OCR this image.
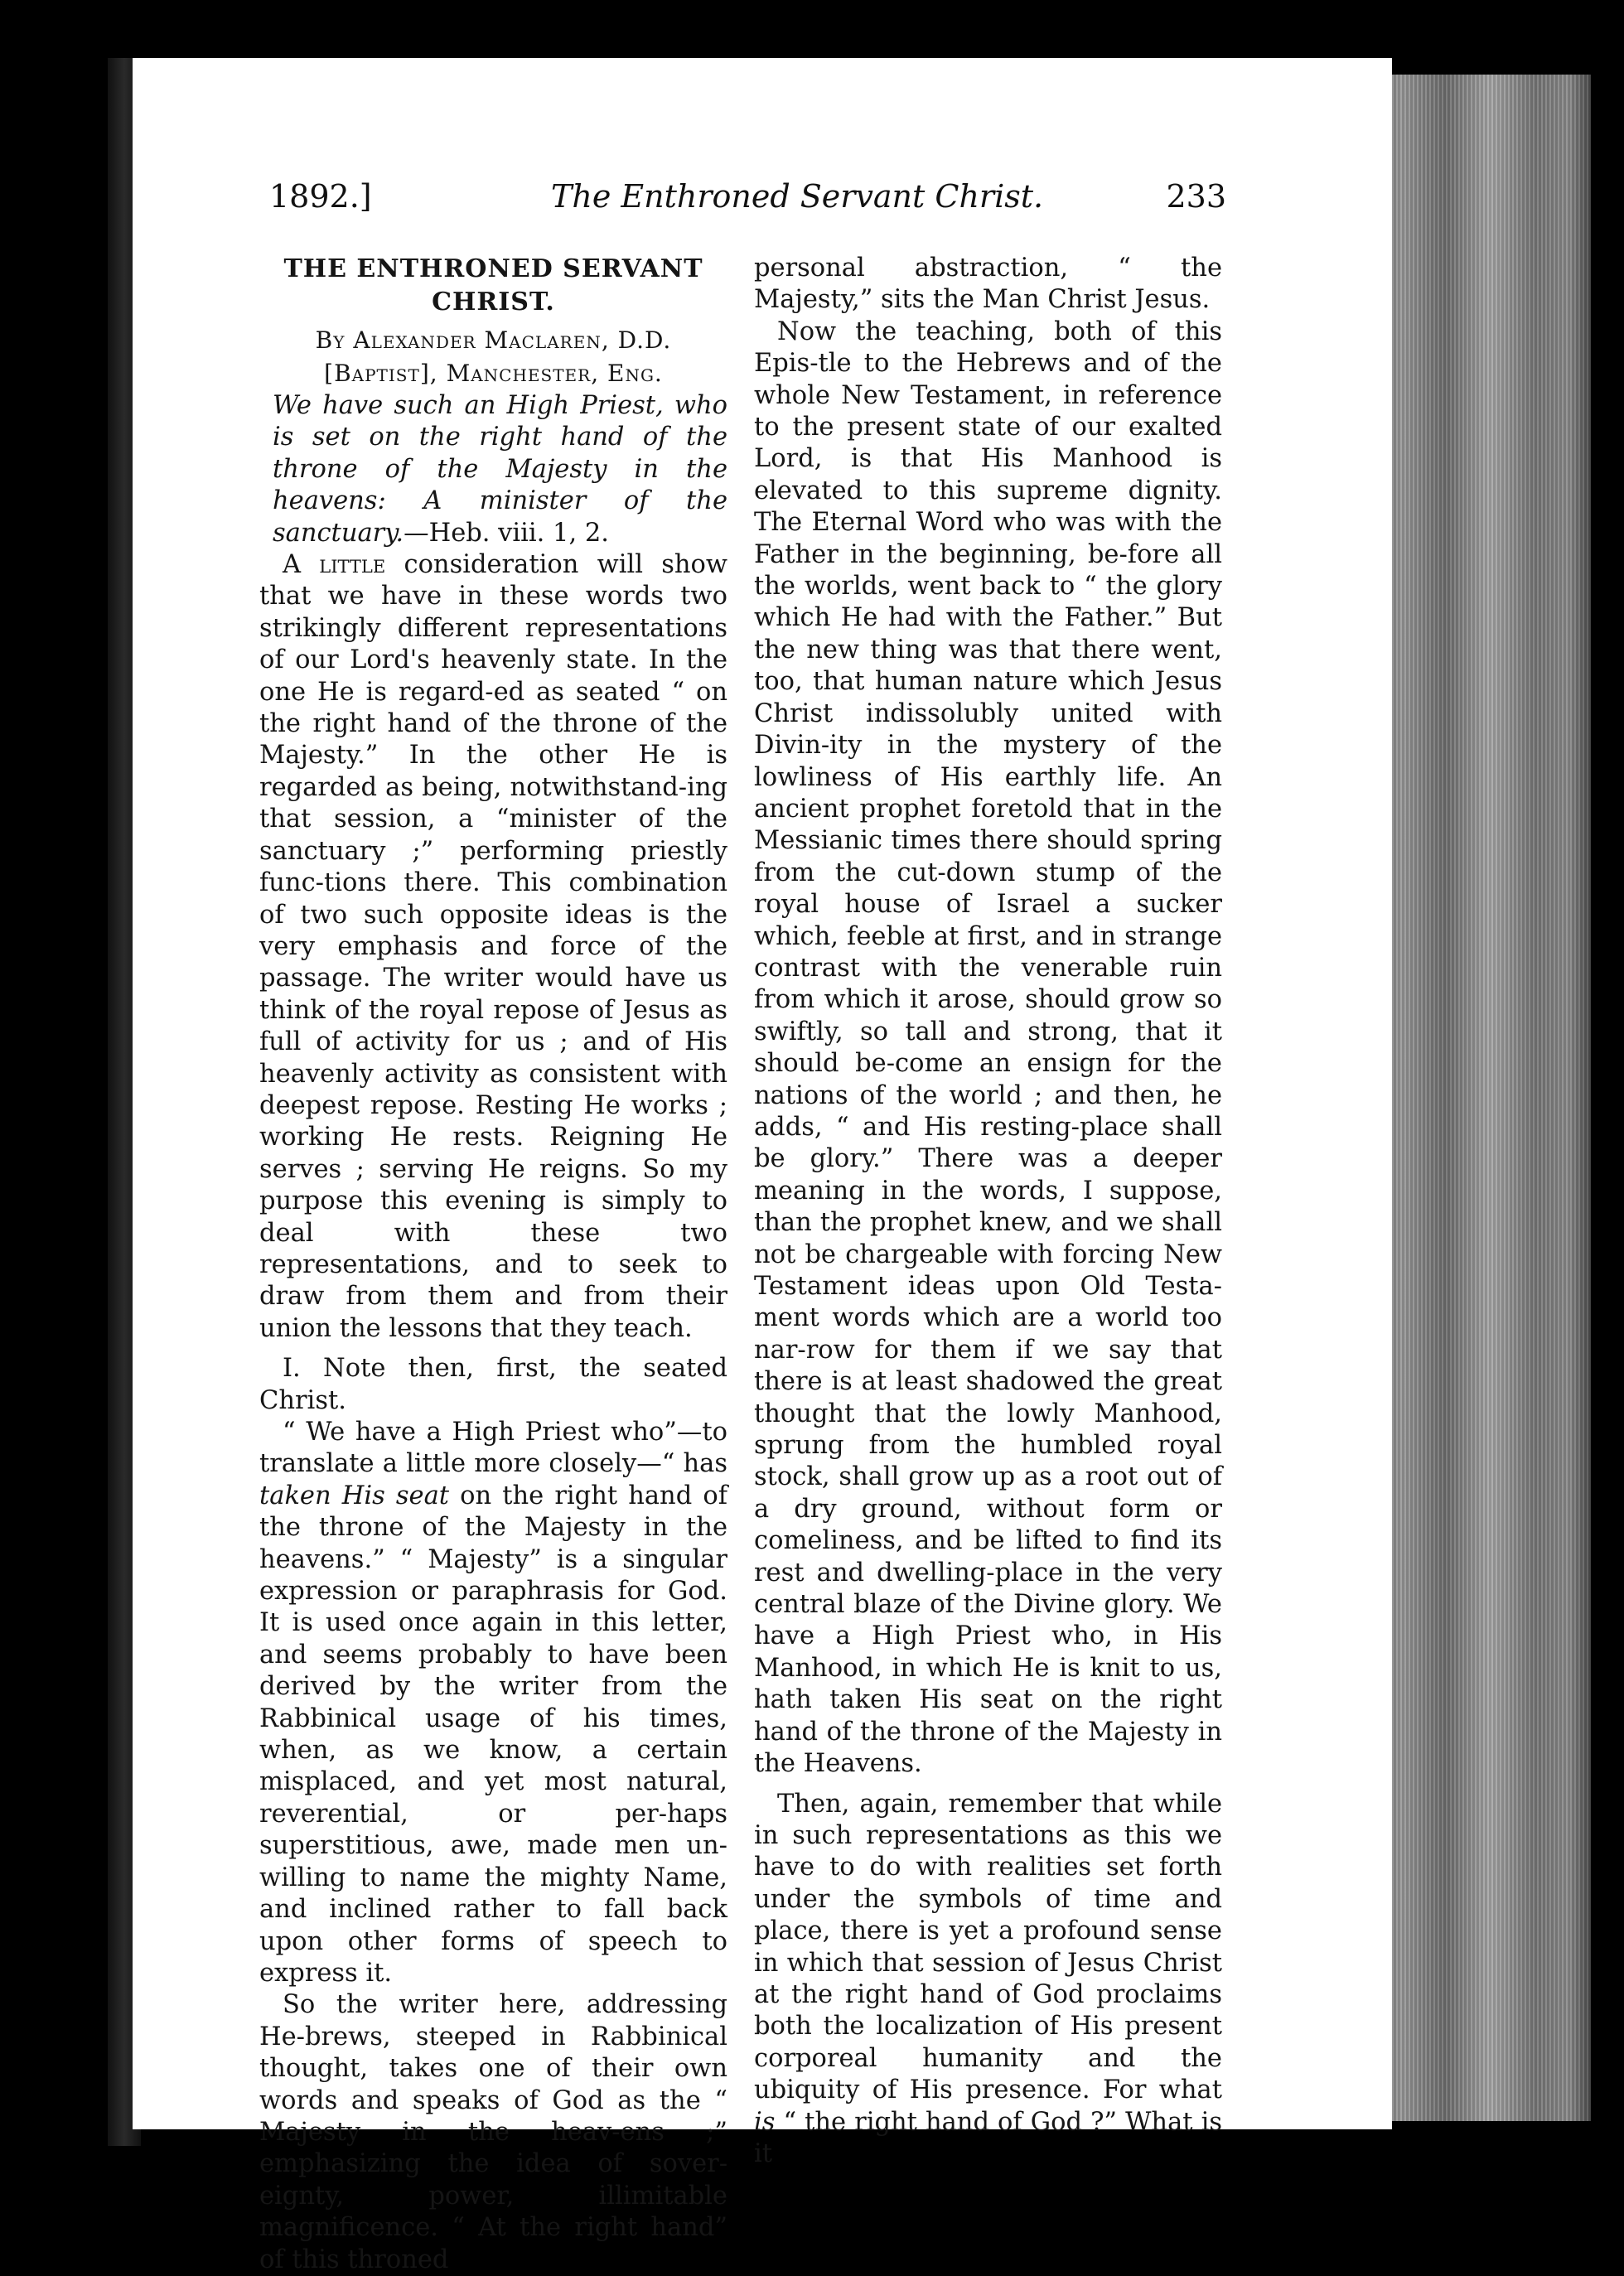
1892.]	The Enthroned Servant Christ.	233
THE ENTHRONED SERVANT CHRIST.
By Alexander Maclaren, D.D.
[Baptist], Manchester, Eng.

We have such an High Priest, who is set on the right hand of the throne of the Majesty in the heavens: A minister of the sanctuary.—Heb. viii. 1, 2.

A little consideration will show that we have in these words two strikingly different representations of our Lord's heavenly state. In the one He is regard-ed as seated “ on the right hand of the throne of the Majesty.” In the other He is regarded as being, notwithstand-ing that session, a “minister of the sanctuary ;” performing priestly func-tions there. This combination of two such opposite ideas is the very emphasis and force of the passage. The writer would have us think of the royal repose of Jesus as full of activity for us ; and of His heavenly activity as consistent with deepest repose. Resting He works ; working He rests. Reigning He serves ; serving He reigns. So my purpose this evening is simply to deal with these two representations, and to seek to draw from them and from their union the lessons that they teach.

I. Note then, first, the seated Christ.

“ We have a High Priest who”—to translate a little more closely—“ has taken His seat on the right hand of the throne of the Majesty in the heavens.” “ Majesty” is a singular expression or paraphrasis for God. It is used once again in this letter, and seems probably to have been derived by the writer from the Rabbinical usage of his times, when, as we know, a certain misplaced, and yet most natural, reverential, or per-haps superstitious, awe, made men un-willing to name the mighty Name, and inclined rather to fall back upon other forms of speech to express it.

So the writer here, addressing He-brews, steeped in Rabbinical thought, takes one of their own words and speaks of God as the “ Majesty in the heav-ens ;” emphasizing the idea of sover-eignty, power, illimitable magnificence. “ At the right hand” of this throned

personal abstraction, “ the Majesty,” sits the Man Christ Jesus.

Now the teaching, both of this Epis-tle to the Hebrews and of the whole New Testament, in reference to the present state of our exalted Lord, is that His Manhood is elevated to this supreme dignity. The Eternal Word who was with the Father in the beginning, be-fore all the worlds, went back to “ the glory which He had with the Father.” But the new thing was that there went, too, that human nature which Jesus Christ indissolubly united with Divin-ity in the mystery of the lowliness of His earthly life. An ancient prophet foretold that in the Messianic times there should spring from the cut-down stump of the royal house of Israel a sucker which, feeble at first, and in strange contrast with the venerable ruin from which it arose, should grow so swiftly, so tall and strong, that it should be-come an ensign for the nations of the world ; and then, he adds, “ and His resting-place shall be glory.” There was a deeper meaning in the words, I suppose, than the prophet knew, and we shall not be chargeable with forcing New Testament ideas upon Old Testa-ment words which are a world too nar-row for them if we say that there is at least shadowed the great thought that the lowly Manhood, sprung from the humbled royal stock, shall grow up as a root out of a dry ground, without form or comeliness, and be lifted to find its rest and dwelling-place in the very central blaze of the Divine glory. We have a High Priest who, in His Manhood, in which He is knit to us, hath taken His seat on the right hand of the throne of the Majesty in the Heavens.

Then, again, remember that while in such representations as this we have to do with realities set forth under the symbols of time and place, there is yet a profound sense in which that session of Jesus Christ at the right hand of God proclaims both the localization of His present corporeal humanity and the ubiquity of His presence. For what is “ the right hand of God ?” What is it
